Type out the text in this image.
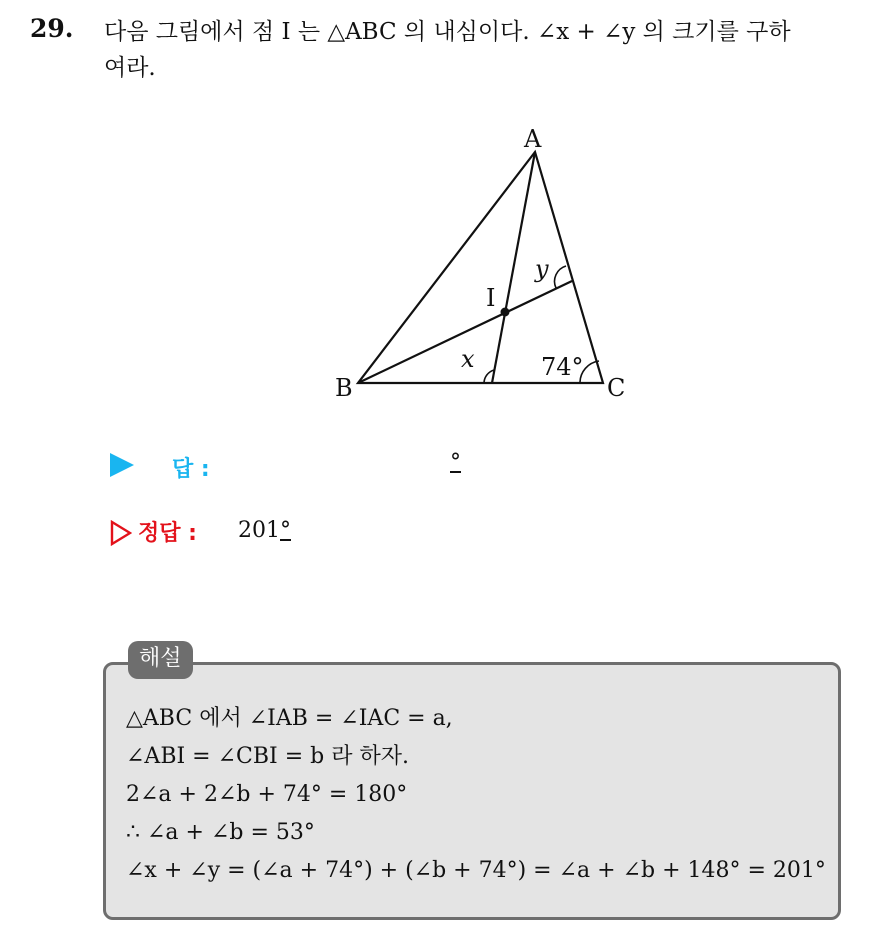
29. 다음 그림에서 점 I 는 △ABC 의 내심이다. ∠x + ∠y 의 크기를 구하
여라.
A
B	C
I
x
y
74°
답 :	°
정답 : 201°
해설
△ABC 에서 ∠IAB = ∠IAC = a,
∠ABI = ∠CBI = b 라 하자.
2∠a + 2∠b + 74° = 180°
∴ ∠a + ∠b = 53°
∠x + ∠y = (∠a + 74°) + (∠b + 74°) = ∠a + ∠b + 148° = 201°
